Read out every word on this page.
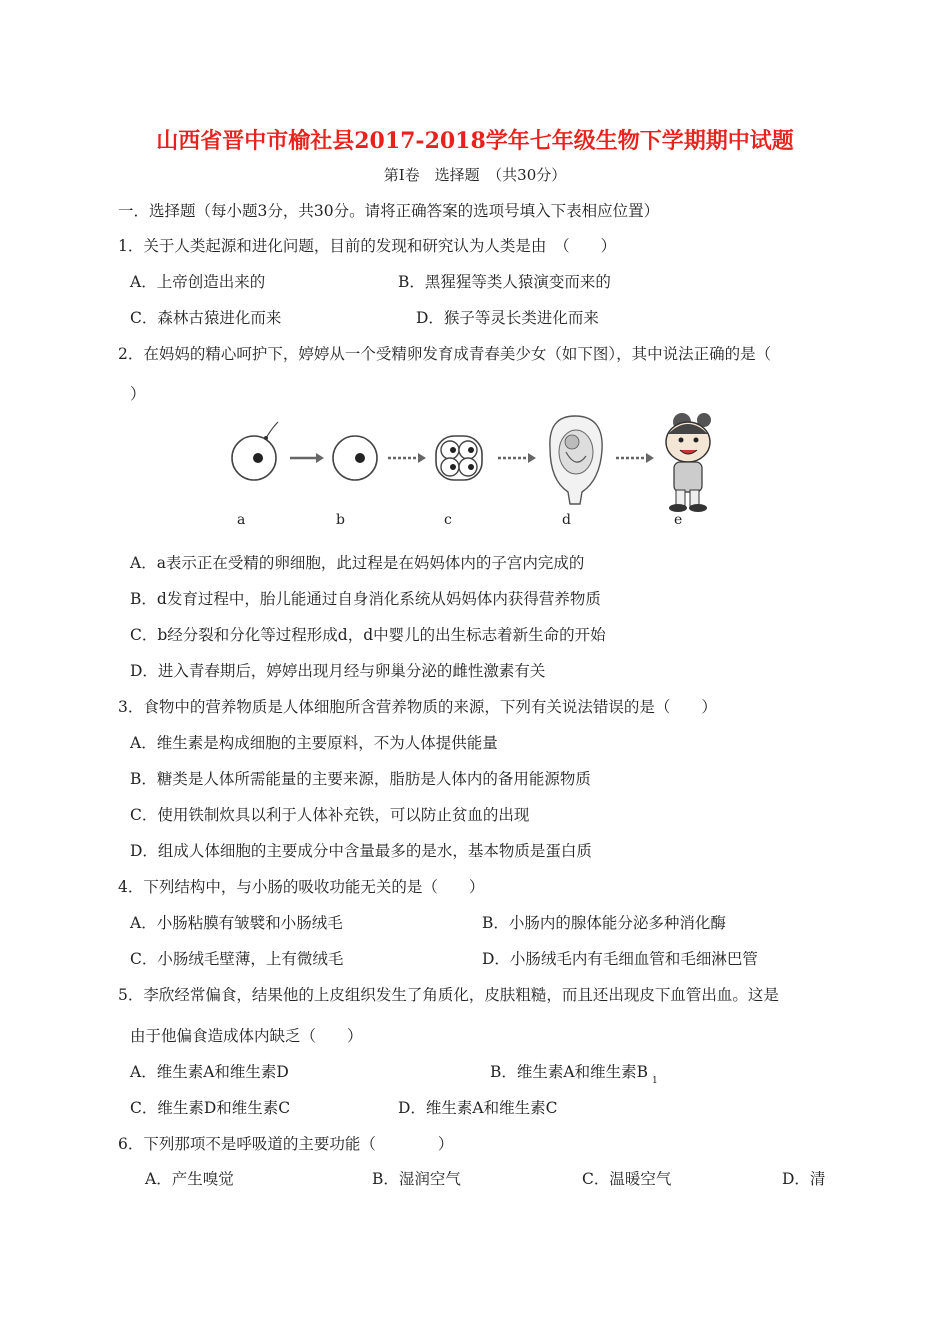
山西省晋中市榆社县2017-2018学年七年级生物下学期期中试题
第Ⅰ卷　选择题　（共30分）
一．选择题（每小题3分，共30分。请将正确答案的选项号填入下表相应位置）
1．关于人类起源和进化问题，目前的发现和研究认为人类是由　（　　）
A．上帝创造出来的	B．黑猩猩等类人猿演变而来的
C．森林古猿进化而来	D．猴子等灵长类进化而来
2．在妈妈的精心呵护下，婷婷从一个受精卵发育成青春美少女（如下图），其中说法正确的是（
）
a	b	c	d	e
A．a表示正在受精的卵细胞，此过程是在妈妈体内的子宫内完成的
B．d发育过程中，胎儿能通过自身消化系统从妈妈体内获得营养物质
C．b经分裂和分化等过程形成d，d中婴儿的出生标志着新生命的开始
D．进入青春期后，婷婷出现月经与卵巢分泌的雌性激素有关
3．食物中的营养物质是人体细胞所含营养物质的来源，下列有关说法错误的是（　　）
A．维生素是构成细胞的主要原料，不为人体提供能量
B．糖类是人体所需能量的主要来源，脂肪是人体内的备用能源物质
C．使用铁制炊具以利于人体补充铁，可以防止贫血的出现
D．组成人体细胞的主要成分中含量最多的是水，基本物质是蛋白质
4．下列结构中，与小肠的吸收功能无关的是（　　）
A．小肠粘膜有皱襞和小肠绒毛	B．小肠内的腺体能分泌多种消化酶
C．小肠绒毛壁薄，上有微绒毛	D．小肠绒毛内有毛细血管和毛细淋巴管
5．李欣经常偏食，结果他的上皮组织发生了角质化，皮肤粗糙，而且还出现皮下血管出血。这是
由于他偏食造成体内缺乏（　　）
A．维生素A和维生素D	B．维生素A和维生素B $_1$
C．维生素D和维生素C	D．维生素A和维生素C
6．下列那项不是呼吸道的主要功能（　　　　）
A．产生嗅觉	B．湿润空气	C．温暖空气	D．清
